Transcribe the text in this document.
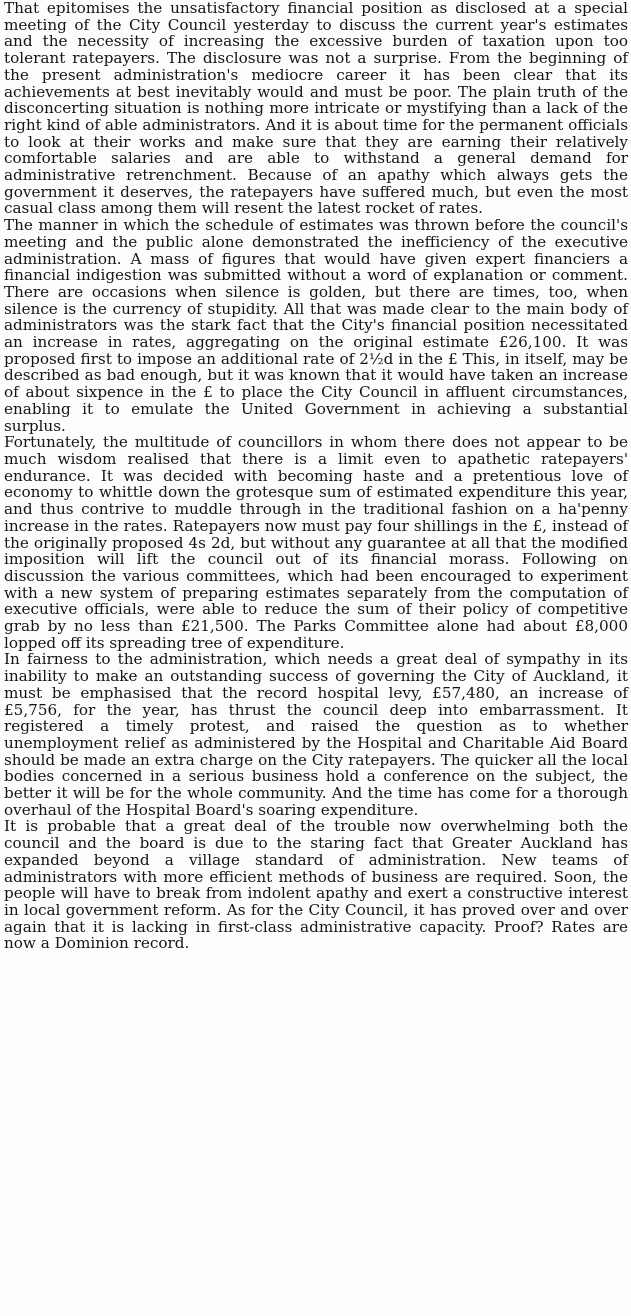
That epitomises the unsatisfactory financial position as disclosed at a special meeting of the City Council yesterday to discuss the current year's estimates and the necessity of increasing the excessive burden of taxation upon too tolerant ratepayers. The disclosure was not a surprise. From the beginning of the present administration's mediocre career it has been clear that its achievements at best inevitably would and must be poor. The plain truth of the disconcerting situation is nothing more intricate or mystifying than a lack of the right kind of able administrators. And it is about time for the permanent officials to look at their works and make sure that they are earning their relatively comfortable salaries and are able to withstand a general demand for administrative retrenchment. Because of an apathy which always gets the government it deserves, the ratepayers have suffered much, but even the most casual class among them will resent the latest rocket of rates.

The manner in which the schedule of estimates was thrown before the council's meeting and the public alone demonstrated the inefficiency of the executive administration. A mass of figures that would have given expert financiers a financial indigestion was submitted without a word of explanation or comment. There are occasions when silence is golden, but there are times, too, when silence is the currency of stupidity. All that was made clear to the main body of administrators was the stark fact that the City's financial position necessitated an increase in rates, aggregating on the original estimate £26,100. It was proposed first to impose an additional rate of 2½d in the £ This, in itself, may be described as bad enough, but it was known that it would have taken an increase of about sixpence in the £ to place the City Council in affluent circumstances, enabling it to emulate the United Government in achieving a substantial surplus.

Fortunately, the multitude of councillors in whom there does not appear to be much wisdom realised that there is a limit even to apathetic ratepayers' endurance. It was decided with becoming haste and a pretentious love of economy to whittle down the grotesque sum of estimated expenditure this year, and thus contrive to muddle through in the traditional fashion on a ha'penny increase in the rates. Ratepayers now must pay four shillings in the £, instead of the originally proposed 4s 2d, but without any guarantee at all that the modified imposition will lift the council out of its financial morass. Following on discussion the various committees, which had been encouraged to experiment with a new system of preparing estimates separately from the computation of executive officials, were able to reduce the sum of their policy of competitive grab by no less than £21,500. The Parks Committee alone had about £8,000 lopped off its spreading tree of expenditure.

In fairness to the administration, which needs a great deal of sympathy in its inability to make an outstanding success of governing the City of Auckland, it must be emphasised that the record hospital levy, £57,480, an increase of £5,756, for the year, has thrust the council deep into embarrassment. It registered a timely protest, and raised the question as to whether unemployment relief as administered by the Hospital and Charitable Aid Board should be made an extra charge on the City ratepayers. The quicker all the local bodies concerned in a serious business hold a conference on the subject, the better it will be for the whole community. And the time has come for a thorough overhaul of the Hospital Board's soaring expenditure.

It is probable that a great deal of the trouble now overwhelming both the council and the board is due to the staring fact that Greater Auckland has expanded beyond a village standard of administration. New teams of administrators with more efficient methods of business are required. Soon, the people will have to break from indolent apathy and exert a constructive interest in local government reform. As for the City Council, it has proved over and over again that it is lacking in first-class administrative capacity. Proof? Rates are now a Dominion record.
